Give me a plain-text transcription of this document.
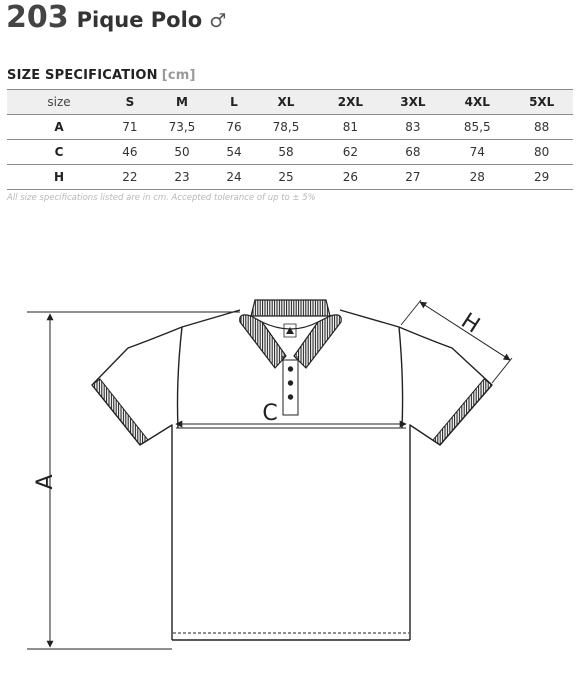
203 Pique Polo ♂
SIZE SPECIFICATION [cm]
size	S	M	L	XL	2XL	3XL	4XL	5XL
A	71	73,5	76	78,5	81	83	85,5	88
C	46	50	54	58	62	68	74	80
H	22	23	24	25	26	27	28	29
All size specifications listed are in cm. Accepted tolerance of up to ± 5%
A
C
H
